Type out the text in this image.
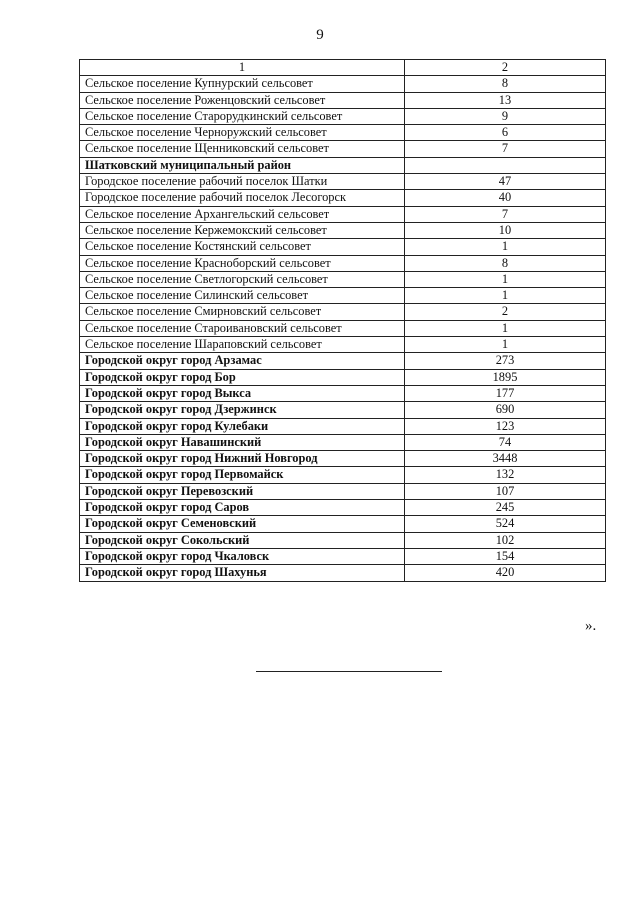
9
1	2
Сельское поселение Купнурский сельсовет	8
Сельское поселение Роженцовский сельсовет	13
Сельское поселение Старорудкинский сельсовет	9
Сельское поселение Черноружский сельсовет	6
Сельское поселение Щенниковский сельсовет	7
Шатковский муниципальный район	
Городское поселение рабочий поселок Шатки	47
Городское поселение рабочий поселок Лесогорск	40
Сельское поселение Архангельский сельсовет	7
Сельское поселение Кержемокский сельсовет	10
Сельское поселение Костянский сельсовет	1
Сельское поселение Красноборский сельсовет	8
Сельское поселение Светлогорский сельсовет	1
Сельское поселение Силинский сельсовет	1
Сельское поселение Смирновский сельсовет	2
Сельское поселение Староивановский сельсовет	1
Сельское поселение Шараповский сельсовет	1
Городской округ город Арзамас	273
Городской округ город Бор	1895
Городской округ город Выкса	177
Городской округ город Дзержинск	690
Городской округ город Кулебаки	123
Городской округ Навашинский	74
Городской округ город Нижний Новгород	3448
Городской округ город Первомайск	132
Городской округ Перевозский	107
Городской округ город Саров	245
Городской округ Семеновский	524
Городской округ Сокольский	102
Городской округ город Чкаловск	154
Городской округ город Шахунья	420
».
